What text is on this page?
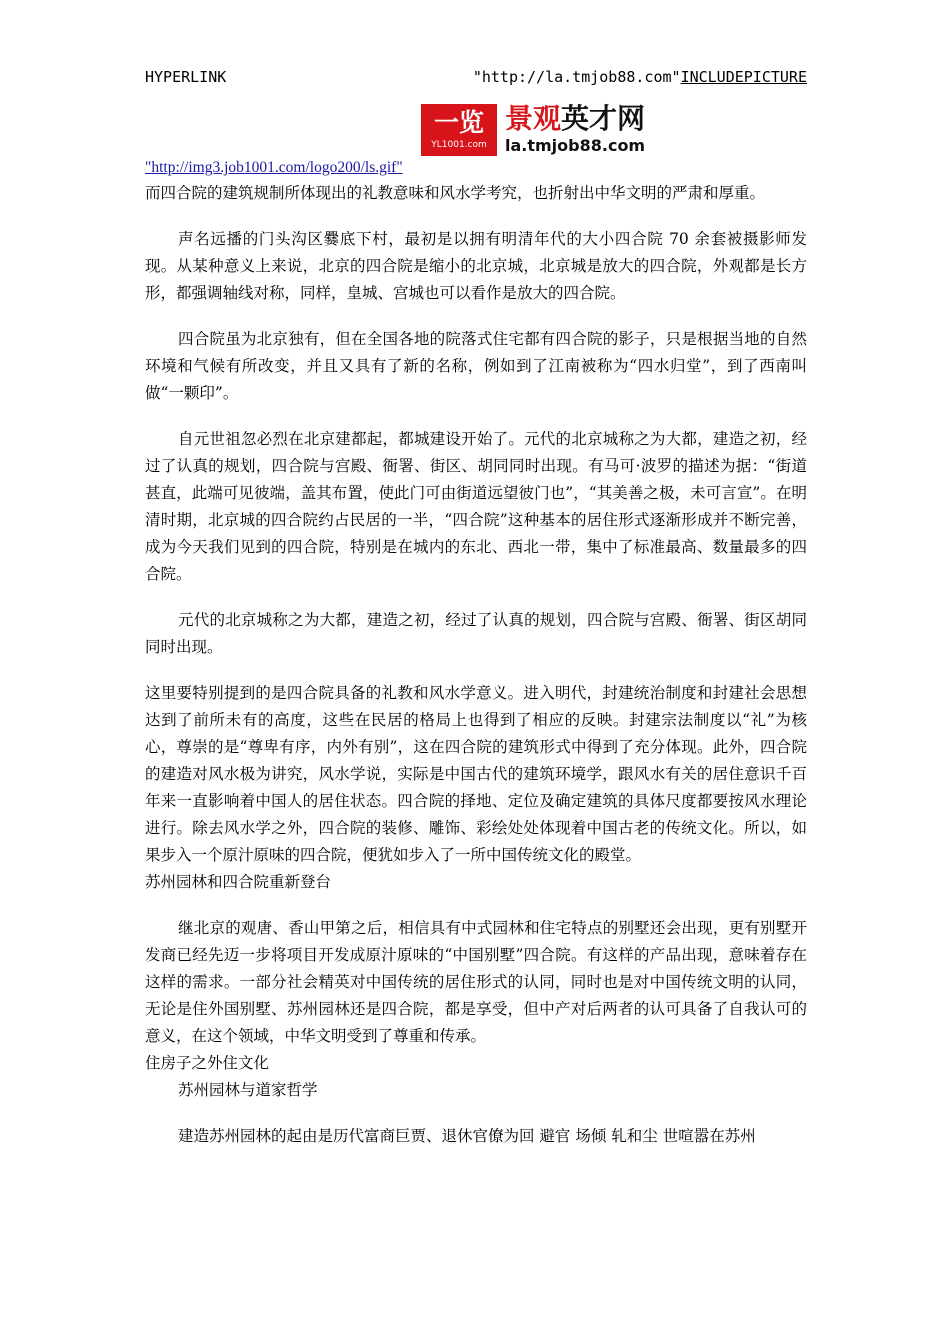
HYPERLINK	"http://la.tmjob88.com"INCLUDEPICTURE
一览
YL1001.com
景观英才网
la.tmjob88.com
"http://img3.job1001.com/logo200/ls.gif"

而四合院的建筑规制所体现出的礼教意味和风水学考究，也折射出中华文明的严肃和厚重。

声名远播的门头沟区爨底下村，最初是以拥有明清年代的大小四合院 70 余套被摄影师发现。从某种意义上来说，北京的四合院是缩小的北京城，北京城是放大的四合院，外观都是长方形，都强调轴线对称，同样，皇城、宫城也可以看作是放大的四合院。

四合院虽为北京独有，但在全国各地的院落式住宅都有四合院的影子，只是根据当地的自然环境和气候有所改变，并且又具有了新的名称，例如到了江南被称为“四水归堂”，到了西南叫做“一颗印”。

自元世祖忽必烈在北京建都起，都城建设开始了。元代的北京城称之为大都，建造之初，经过了认真的规划，四合院与宫殿、衙署、街区、胡同同时出现。有马可·波罗的描述为据：“街道甚直，此端可见彼端，盖其布置，使此门可由街道远望彼门也”，“其美善之极，未可言宣”。在明清时期，北京城的四合院约占民居的一半，“四合院”这种基本的居住形式逐渐形成并不断完善，成为今天我们见到的四合院，特别是在城内的东北、西北一带，集中了标准最高、数量最多的四合院。

元代的北京城称之为大都，建造之初，经过了认真的规划，四合院与宫殿、衙署、街区胡同同时出现。

这里要特别提到的是四合院具备的礼教和风水学意义。进入明代，封建统治制度和封建社会思想达到了前所未有的高度，这些在民居的格局上也得到了相应的反映。封建宗法制度以“礼”为核心，尊崇的是“尊卑有序，内外有别”，这在四合院的建筑形式中得到了充分体现。此外，四合院的建造对风水极为讲究，风水学说，实际是中国古代的建筑环境学，跟风水有关的居住意识千百年来一直影响着中国人的居住状态。四合院的择地、定位及确定建筑的具体尺度都要按风水理论进行。除去风水学之外，四合院的装修、雕饰、彩绘处处体现着中国古老的传统文化。所以，如果步入一个原汁原味的四合院，便犹如步入了一所中国传统文化的殿堂。

苏州园林和四合院重新登台

继北京的观唐、香山甲第之后，相信具有中式园林和住宅特点的别墅还会出现，更有别墅开发商已经先迈一步将项目开发成原汁原味的“中国别墅”四合院。有这样的产品出现，意味着存在这样的需求。一部分社会精英对中国传统的居住形式的认同，同时也是对中国传统文明的认同，无论是住外国别墅、苏州园林还是四合院，都是享受，但中产对后两者的认可具备了自我认可的意义，在这个领域，中华文明受到了尊重和传承。

住房子之外住文化

苏州园林与道家哲学

建造苏州园林的起由是历代富商巨贾、退休官僚为回 避官 场倾 轧和尘 世喧嚣在苏州
